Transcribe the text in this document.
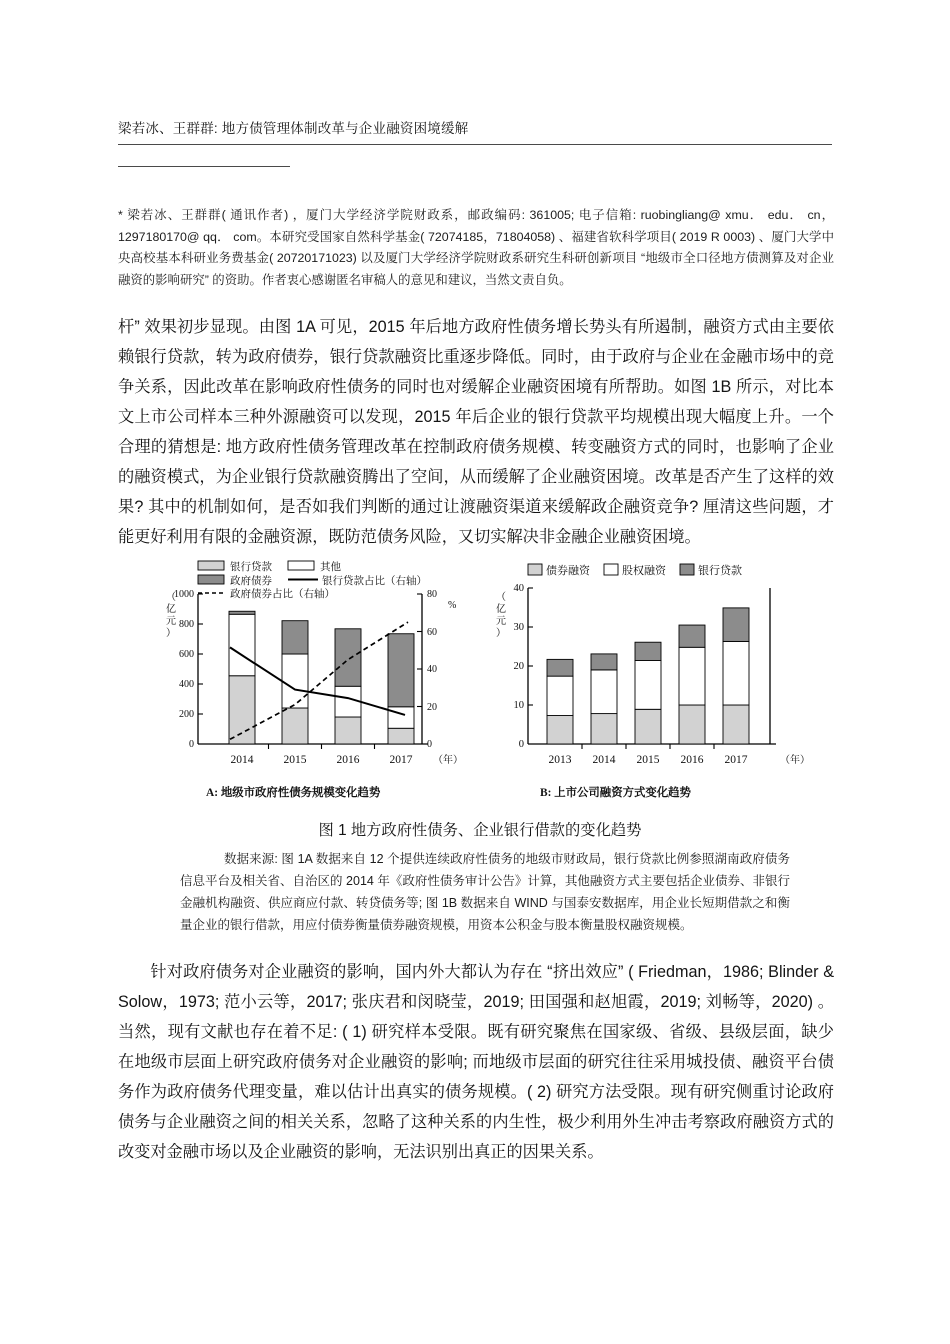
梁若冰、王群群: 地方债管理体制改革与企业融资困境缓解
* 梁若冰、王群群( 通讯作者) ，厦门大学经济学院财政系，邮政编码: 361005; 电子信箱: ruobingliang@ xmu． edu． cn，1297180170@ qq． com。本研究受国家自然科学基金( 72074185，71804058) 、福建省软科学项目( 2019 R 0003) 、厦门大学中央高校基本科研业务费基金( 20720171023) 以及厦门大学经济学院财政系研究生科研创新项目 “地级市全口径地方债测算及对企业融资的影响研究” 的资助。作者衷心感谢匿名审稿人的意见和建议，当然文责自负。
杆” 效果初步显现。由图 1A 可见，2015 年后地方政府性债务增长势头有所遏制，融资方式由主要依赖银行贷款，转为政府债券，银行贷款融资比重逐步降低。同时，由于政府与企业在金融市场中的竞争关系，因此改革在影响政府性债务的同时也对缓解企业融资困境有所帮助。如图 1B 所示，对比本文上市公司样本三种外源融资可以发现，2015 年后企业的银行贷款平均规模出现大幅度上升。一个合理的猜想是: 地方政府性债务管理改革在控制政府债务规模、转变融资方式的同时，也影响了企业的融资模式，为企业银行贷款融资腾出了空间，从而缓解了企业融资困境。改革是否产生了这样的效果? 其中的机制如何，是否如我们判断的通过让渡融资渠道来缓解政企融资竞争? 厘清这些问题，才能更好利用有限的金融资源，既防范债务风险，又切实解决非金融企业融资困境。
银行贷款	其他
政府债券	银行贷款占比（右轴）
政府债券占比（右轴）
（
亿
元
）
1000
800
600
400
200
0
80
60
40
20
0
%
2014	2015	2016	2017 （年）
债券融资	股权融资	银行贷款
（
亿
元
）
40
30
20
10
0
2013 2014 2015 2016 2017	（年）
A: 地级市政府性债务规模变化趋势	B: 上市公司融资方式变化趋势
图 1 地方政府性债务、企业银行借款的变化趋势
数据来源: 图 1A 数据来自 12 个提供连续政府性债务的地级市财政局，银行贷款比例参照湖南政府债务信息平台及相关省、自治区的 2014 年《政府性债务审计公告》计算，其他融资方式主要包括企业债券、非银行金融机构融资、供应商应付款、转贷债务等; 图 1B 数据来自 WIND 与国泰安数据库，用企业长短期借款之和衡量企业的银行借款，用应付债券衡量债券融资规模，用资本公积金与股本衡量股权融资规模。
针对政府债务对企业融资的影响，国内外大都认为存在 “挤出效应” ( Friedman，1986; Blinder & Solow，1973; 范小云等，2017; 张庆君和闵晓莹，2019; 田国强和赵旭霞，2019; 刘畅等，2020) 。当然，现有文献也存在着不足: ( 1) 研究样本受限。既有研究聚焦在国家级、省级、县级层面，缺少在地级市层面上研究政府债务对企业融资的影响; 而地级市层面的研究往往采用城投债、融资平台债务作为政府债务代理变量，难以估计出真实的债务规模。( 2) 研究方法受限。现有研究侧重讨论政府债务与企业融资之间的相关关系，忽略了这种关系的内生性，极少利用外生冲击考察政府融资方式的改变对金融市场以及企业融资的影响，无法识别出真正的因果关系。
